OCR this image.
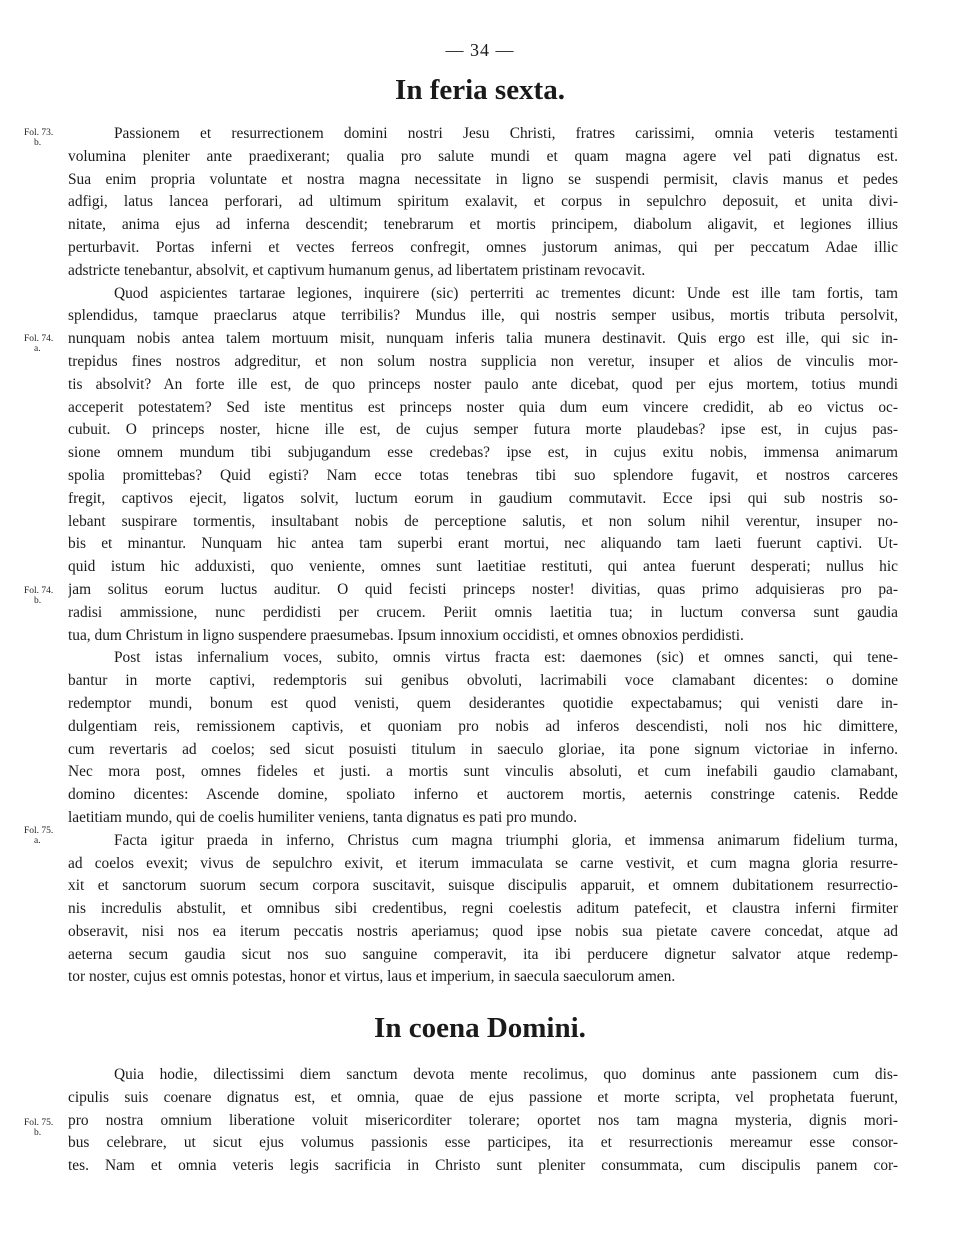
— 34 —
In feria sexta.
Passionem et resurrectionem domini nostri Jesu Christi, fratres carissimi, omnia veteris testamenti
volumina pleniter ante praedixerant; qualia pro salute mundi et quam magna agere vel pati dignatus est.
Sua enim propria voluntate et nostra magna necessitate in ligno se suspendi permisit, clavis manus et pedes
adfigi, latus lancea perforari, ad ultimum spiritum exalavit, et corpus in sepulchro deposuit, et unita divi-
nitate, anima ejus ad inferna descendit; tenebrarum et mortis principem, diabolum aligavit, et legiones illius
perturbavit. Portas inferni et vectes ferreos confregit, omnes justorum animas, qui per peccatum Adae illic
adstricte tenebantur, absolvit, et captivum humanum genus, ad libertatem pristinam revocavit.
Quod aspicientes tartarae legiones, inquirere (sic) perterriti ac trementes dicunt: Unde est ille tam fortis, tam
splendidus, tamque praeclarus atque terribilis? Mundus ille, qui nostris semper usibus, mortis tributa persolvit,
nunquam nobis antea talem mortuum misit, nunquam inferis talia munera destinavit. Quis ergo est ille, qui sic in-
trepidus fines nostros adgreditur, et non solum nostra supplicia non veretur, insuper et alios de vinculis mor-
tis absolvit? An forte ille est, de quo princeps noster paulo ante dicebat, quod per ejus mortem, totius mundi
acceperit potestatem? Sed iste mentitus est princeps noster quia dum eum vincere credidit, ab eo victus oc-
cubuit. O princeps noster, hicne ille est, de cujus semper futura morte plaudebas? ipse est, in cujus pas-
sione omnem mundum tibi subjugandum esse credebas? ipse est, in cujus exitu nobis, immensa animarum
spolia promittebas? Quid egisti? Nam ecce totas tenebras tibi suo splendore fugavit, et nostros carceres
fregit, captivos ejecit, ligatos solvit, luctum eorum in gaudium commutavit. Ecce ipsi qui sub nostris so-
lebant suspirare tormentis, insultabant nobis de perceptione salutis, et non solum nihil verentur, insuper no-
bis et minantur. Nunquam hic antea tam superbi erant mortui, nec aliquando tam laeti fuerunt captivi. Ut-
quid istum hic adduxisti, quo veniente, omnes sunt laetitiae restituti, qui antea fuerunt desperati; nullus hic
jam solitus eorum luctus auditur. O quid fecisti princeps noster! divitias, quas primo adquisieras pro pa-
radisi ammissione, nunc perdidisti per crucem. Periit omnis laetitia tua; in luctum conversa sunt gaudia
tua, dum Christum in ligno suspendere praesumebas. Ipsum innoxium occidisti, et omnes obnoxios perdidisti.
Post istas infernalium voces, subito, omnis virtus fracta est: daemones (sic) et omnes sancti, qui tene-
bantur in morte captivi, redemptoris sui genibus obvoluti, lacrimabili voce clamabant dicentes: o domine
redemptor mundi, bonum est quod venisti, quem desiderantes quotidie expectabamus; qui venisti dare in-
dulgentiam reis, remissionem captivis, et quoniam pro nobis ad inferos descendisti, noli nos hic dimittere,
cum revertaris ad coelos; sed sicut posuisti titulum in saeculo gloriae, ita pone signum victoriae in inferno.
Nec mora post, omnes fideles et justi. a mortis sunt vinculis absoluti, et cum inefabili gaudio clamabant,
domino dicentes: Ascende domine, spoliato inferno et auctorem mortis, aeternis constringe catenis. Redde
laetitiam mundo, qui de coelis humiliter veniens, tanta dignatus es pati pro mundo.
Facta igitur praeda in inferno, Christus cum magna triumphi gloria, et immensa animarum fidelium turma,
ad coelos evexit; vivus de sepulchro exivit, et iterum immaculata se carne vestivit, et cum magna gloria resurre-
xit et sanctorum suorum secum corpora suscitavit, suisque discipulis apparuit, et omnem dubitationem resurrectio-
nis incredulis abstulit, et omnibus sibi credentibus, regni coelestis aditum patefecit, et claustra inferni firmiter
obseravit, nisi nos ea iterum peccatis nostris aperiamus; quod ipse nobis sua pietate cavere concedat, atque ad
aeterna secum gaudia sicut nos suo sanguine comperavit, ita ibi perducere dignetur salvator atque redemp-
tor noster, cujus est omnis potestas, honor et virtus, laus et imperium, in saecula saeculorum amen.
In coena Domini.
Quia hodie, dilectissimi diem sanctum devota mente recolimus, quo dominus ante passionem cum dis-
cipulis suis coenare dignatus est, et omnia, quae de ejus passione et morte scripta, vel prophetata fuerunt,
pro nostra omnium liberatione voluit misericorditer tolerare; oportet nos tam magna mysteria, dignis mori-
bus celebrare, ut sicut ejus volumus passionis esse participes, ita et resurrectionis mereamur esse consor-
tes. Nam et omnia veteris legis sacrificia in Christo sunt pleniter consummata, cum discipulis panem cor-
Fol. 73.
b.
Fol. 74.
a.
Fol. 74.
b.
Fol. 75.
a.
Fol. 75.
b.
